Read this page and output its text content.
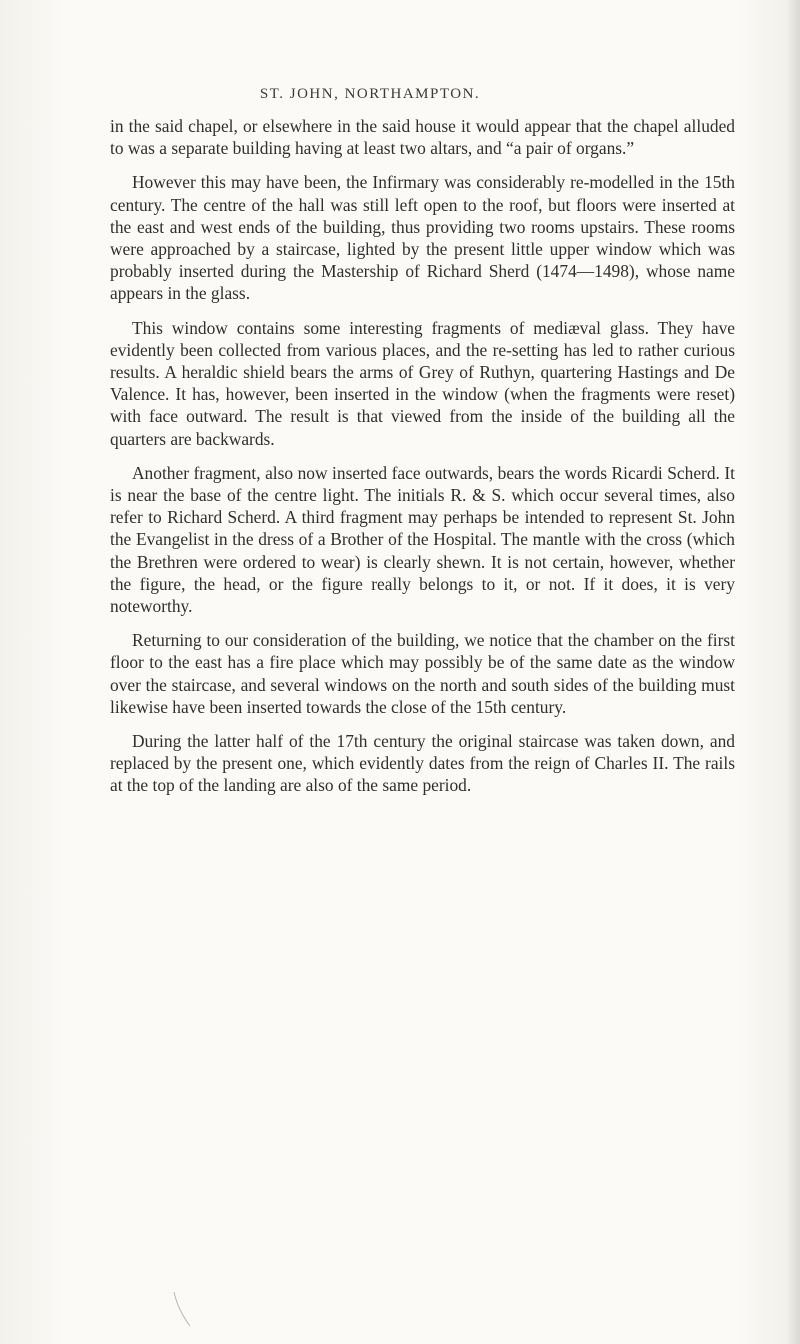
ST. JOHN, NORTHAMPTON.

in the said chapel, or elsewhere in the said house it would appear that the chapel alluded to was a separate building having at least two altars, and “a pair of organs.”

However this may have been, the Infirmary was considerably re-modelled in the 15th century. The centre of the hall was still left open to the roof, but floors were inserted at the east and west ends of the building, thus providing two rooms upstairs. These rooms were approached by a staircase, lighted by the present little upper window which was probably inserted during the Mastership of Richard Sherd (1474—1498), whose name appears in the glass.

This window contains some interesting fragments of mediæval glass. They have evidently been collected from various places, and the re-setting has led to rather curious results. A heraldic shield bears the arms of Grey of Ruthyn, quartering Hastings and De Valence. It has, however, been inserted in the window (when the fragments were reset) with face outward. The result is that viewed from the inside of the building all the quarters are backwards.

Another fragment, also now inserted face outwards, bears the words Ricardi Scherd. It is near the base of the centre light. The initials R. & S. which occur several times, also refer to Richard Scherd. A third fragment may perhaps be intended to represent St. John the Evangelist in the dress of a Brother of the Hospital. The mantle with the cross (which the Brethren were ordered to wear) is clearly shewn. It is not certain, however, whether the figure, the head, or the figure really belongs to it, or not. If it does, it is very noteworthy.

Returning to our consideration of the building, we notice that the chamber on the first floor to the east has a fire place which may possibly be of the same date as the window over the staircase, and several windows on the north and south sides of the building must likewise have been inserted towards the close of the 15th century.

During the latter half of the 17th century the original staircase was taken down, and replaced by the present one, which evidently dates from the reign of Charles II. The rails at the top of the landing are also of the same period.
